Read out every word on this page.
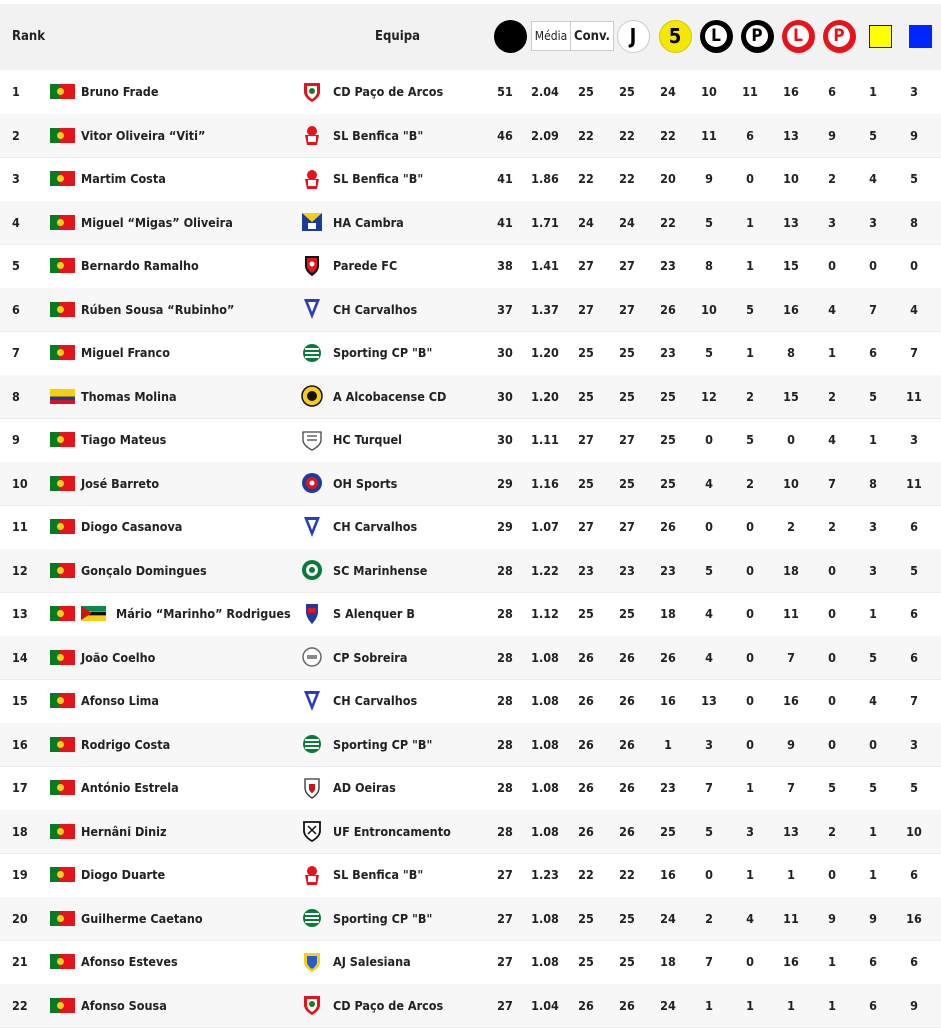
Rank	Equipa	Média Conv. J	5	L	P	L	P
1	Bruno Frade	CD Paço de Arcos	51	2.04	25	25	24	10	11	16	6	1	3
2	Vitor Oliveira “Viti”	SL Benfica "B"	46	2.09	22	22	22	11	6	13	9	5	9
3	Martim Costa	SL Benfica "B"	41	1.86	22	22	20	9	0	10	2	4	5
4	Miguel “Migas” Oliveira	HA Cambra	41	1.71	24	24	22	5	1	13	3	3	8
5	Bernardo Ramalho	Parede FC	38	1.41	27	27	23	8	1	15	0	0	0
6	Rúben Sousa “Rubinho”	CH Carvalhos	37	1.37	27	27	26	10	5	16	4	7	4
7	Miguel Franco	Sporting CP "B"	30	1.20	25	25	23	5	1	8	1	6	7
8	Thomas Molina	A Alcobacense CD	30	1.20	25	25	25	12	2	15	2	5	11
9	Tiago Mateus	HC Turquel	30	1.11	27	27	25	0	5	0	4	1	3
10	José Barreto	OH Sports	29	1.16	25	25	25	4	2	10	7	8	11
11	Diogo Casanova	CH Carvalhos	29	1.07	27	27	26	0	0	2	2	3	6
12	Gonçalo Domingues	SC Marinhense	28	1.22	23	23	23	5	0	18	0	3	5
13	Mário “Marinho” Rodrigues	S Alenquer B	28	1.12	25	25	18	4	0	11	0	1	6
14	João Coelho	CP Sobreira	28	1.08	26	26	26	4	0	7	0	5	6
15	Afonso Lima	CH Carvalhos	28	1.08	26	26	16	13	0	16	0	4	7
16	Rodrigo Costa	Sporting CP "B"	28	1.08	26	26	1	3	0	9	0	0	3
17	António Estrela	AD Oeiras	28	1.08	26	26	23	7	1	7	5	5	5
18	Hernâni Diniz	UF Entroncamento	28	1.08	26	26	25	5	3	13	2	1	10
19	Diogo Duarte	SL Benfica "B"	27	1.23	22	22	16	0	1	1	0	1	6
20	Guilherme Caetano	Sporting CP "B"	27	1.08	25	25	24	2	4	11	9	9	16
21	Afonso Esteves	AJ Salesiana	27	1.08	25	25	18	7	0	16	1	6	6
22	Afonso Sousa	CD Paço de Arcos	27	1.04	26	26	24	1	1	1	1	6	9
